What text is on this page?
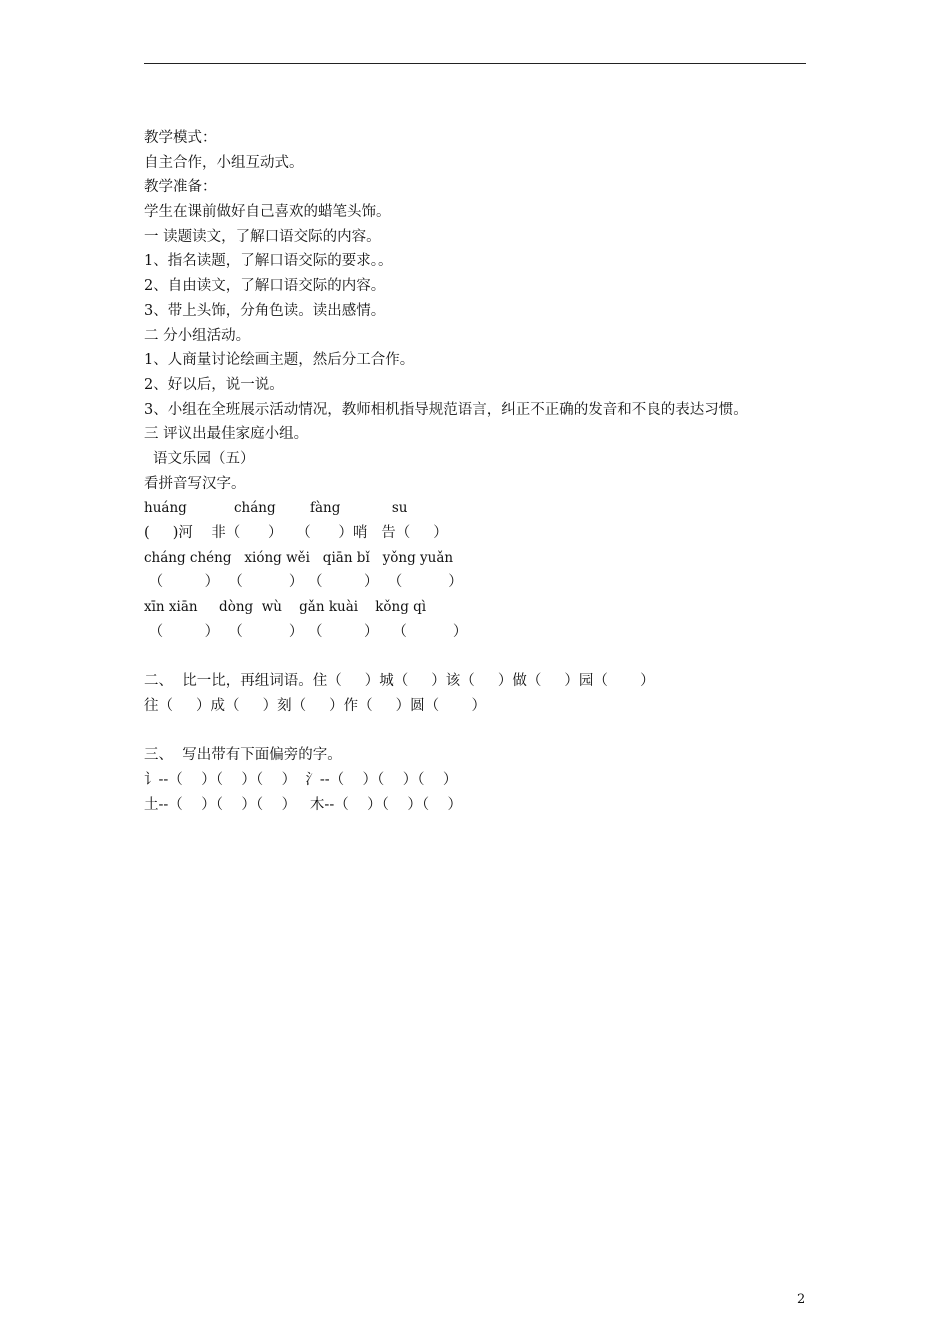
教学模式：
自主合作，小组互动式。
教学准备：
学生在课前做好自己喜欢的蜡笔头饰。
一 读题读文，了解口语交际的内容。
1、指名读题，了解口语交际的要求。。
2、自由读文，了解口语交际的内容。
3、带上头饰，分角色读。读出感情。
二 分小组活动。
1、人商量讨论绘画主题，然后分工合作。
2、好以后，说一说。
3、小组在全班展示活动情况，教师相机指导规范语言，纠正不正确的发音和不良的表达习惯。
三 评议出最佳家庭小组。
语文乐园（五）
看拼音写汉字。
huáng           cháng        fàng            su
(     )河    非（      ）   （      ）哨   告（     ）
cháng chéng   xióng wěi   qiān bǐ   yǒng yuǎn
（         ）  （          ） （         ）  （          ）
xīn xiān     dòng  wù    gǎn kuài    kǒng qì
（         ）  （          ） （         ）   （          ）
二、  比一比，再组词语。住（     ）城（     ）该（     ）做（     ）园（       ）
往（     ）成（     ）刻（     ）作（     ）圆（       ）
三、  写出带有下面偏旁的字。
讠--（    ）（    ）（    ）  氵--（    ）（    ）（    ）
土--（    ）（    ）（    ）   木--（    ）（    ）（    ）
2
